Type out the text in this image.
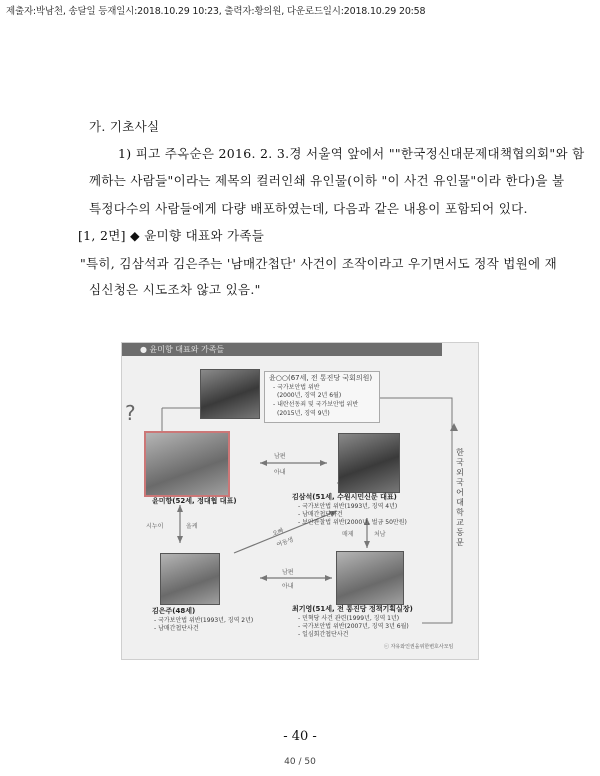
제출자:박남천, 송달일 등재일시:2018.10.29 10:23, 출력자:황의원, 다운로드일시:2018.10.29 20:58
가. 기초사실
1) 피고 주옥순은 2016. 2. 3.경 서울역 앞에서 ""한국정신대문제대책협의회"와 함
께하는 사람들"이라는 제목의 컬러인쇄 유인물(이하 "이 사건 유인물"이라 한다)을 불
특정다수의 사람들에게 다량 배포하였는데, 다음과 같은 내용이 포함되어 있다.
[1, 2면] ◆ 윤미향 대표와 가족들
"특히, 김삼석과 김은주는 '남매간첩단' 사건이 조작이라고 우기면서도 정작 법원에 재
심신청은 시도조차 않고 있음."
● 윤미향 대표와 가족들
윤○○(67세, 전 통진당 국회의원)
- 국가보안법 위반
(2000년, 징역 2년 6월)
- 내란선동죄 및 국가보안법 위반
(2015년, 징역 9년)
?
윤미향(52세, 정대협 대표)	김삼석(51세, 수원시민신문 대표)
- 국가보안법 위반(1993년, 징역 4년)
- 남매간첩단사건
- 보안관찰법 위반(2000년, 벌금 50만원)
남편
아내
시누이	올케
매제	처남
오빠
여동생
남편
아내
김은주(48세)
- 국가보안법 위반(1993년, 징역 2년)
- 남매간첩단사건
최기영(51세, 전 통진당 정책기획실장)
- 민혁당 사건 관련(1999년, 징역 1년)
- 국가보안법 위반(2007년, 징역 3년 6월)
- 일심회간첩단사건
ⓒ 자유와인권을위한변호사모임
한국외국어대학교동문
- 40 -
40 / 50
